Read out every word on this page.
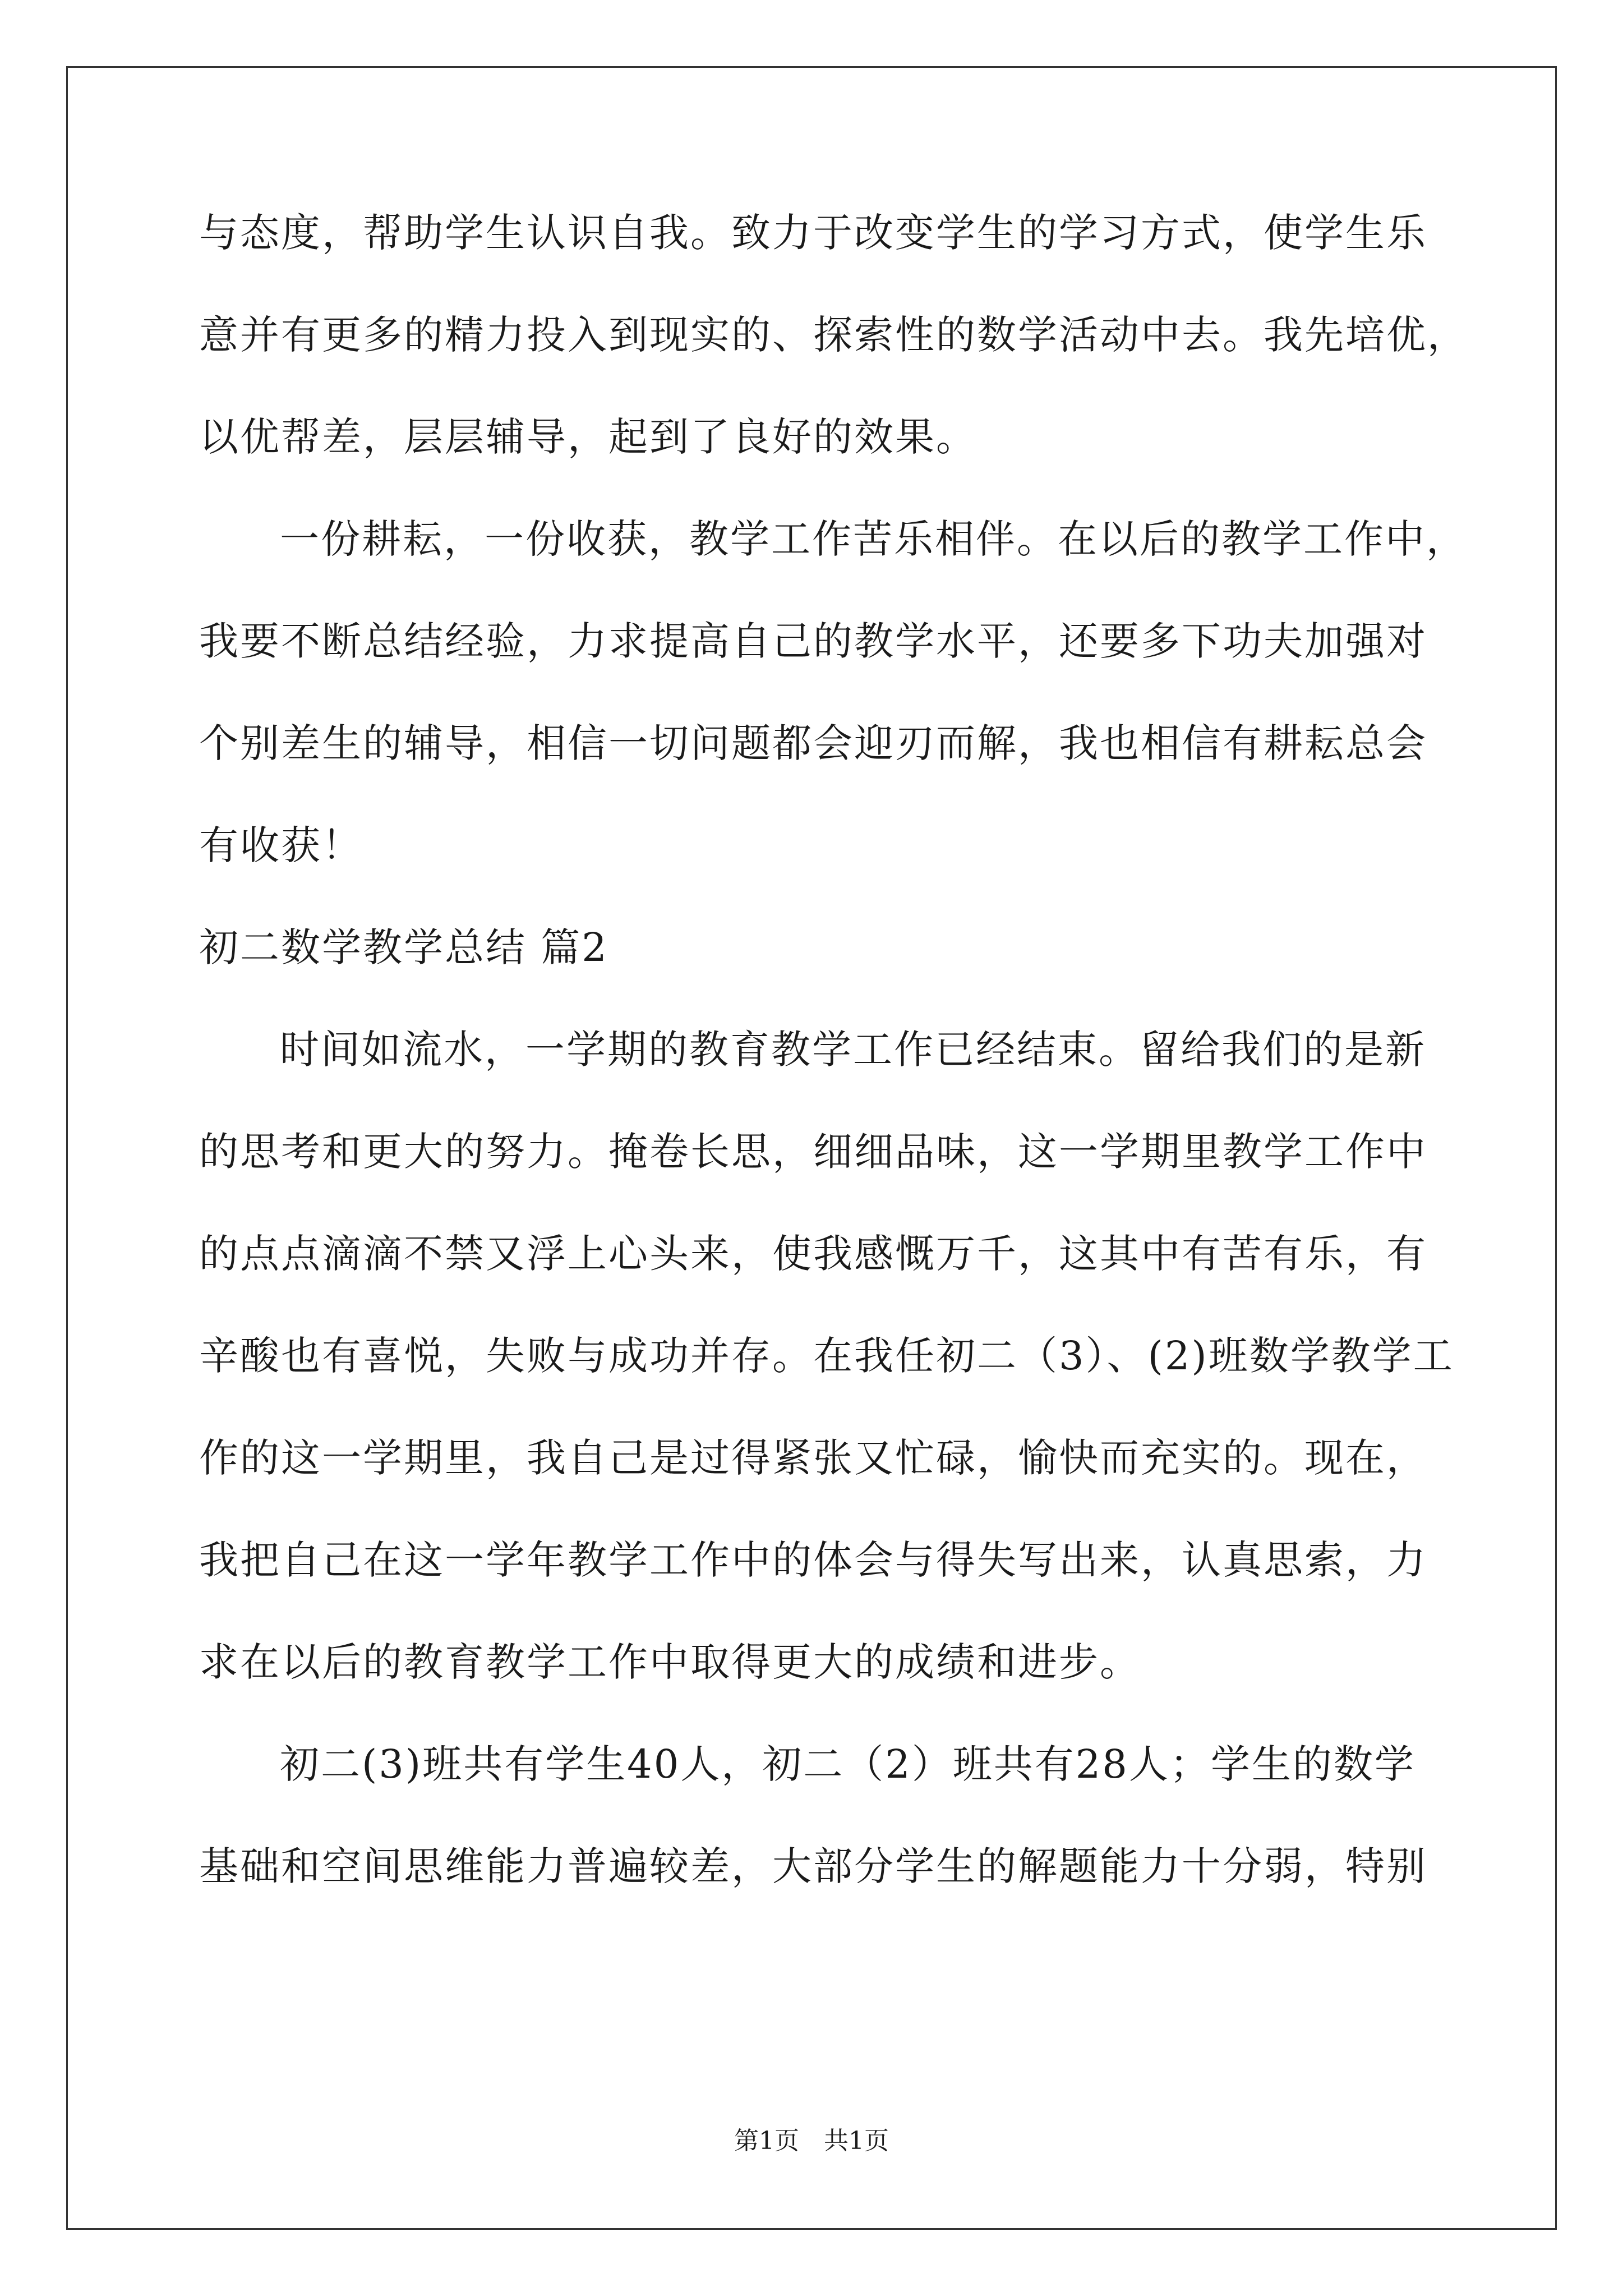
与态度，帮助学生认识自我。致力于改变学生的学习方式，使学生乐
意并有更多的精力投入到现实的、探索性的数学活动中去。我先培优，
以优帮差，层层辅导，起到了良好的效果。
一份耕耘，一份收获，教学工作苦乐相伴。在以后的教学工作中，
我要不断总结经验，力求提高自己的教学水平，还要多下功夫加强对
个别差生的辅导，相信一切问题都会迎刃而解，我也相信有耕耘总会
有收获！
初二数学教学总结 篇2
时间如流水，一学期的教育教学工作已经结束。留给我们的是新
的思考和更大的努力。掩卷长思，细细品味，这一学期里教学工作中
的点点滴滴不禁又浮上心头来，使我感慨万千，这其中有苦有乐，有
辛酸也有喜悦，失败与成功并存。在我任初二（3）、(2)班数学教学工
作的这一学期里，我自己是过得紧张又忙碌，愉快而充实的。现在，
我把自己在这一学年教学工作中的体会与得失写出来，认真思索，力
求在以后的教育教学工作中取得更大的成绩和进步。
初二(3)班共有学生40人，初二（2）班共有28人；学生的数学
基础和空间思维能力普遍较差，大部分学生的解题能力十分弱，特别
第1页 共1页
